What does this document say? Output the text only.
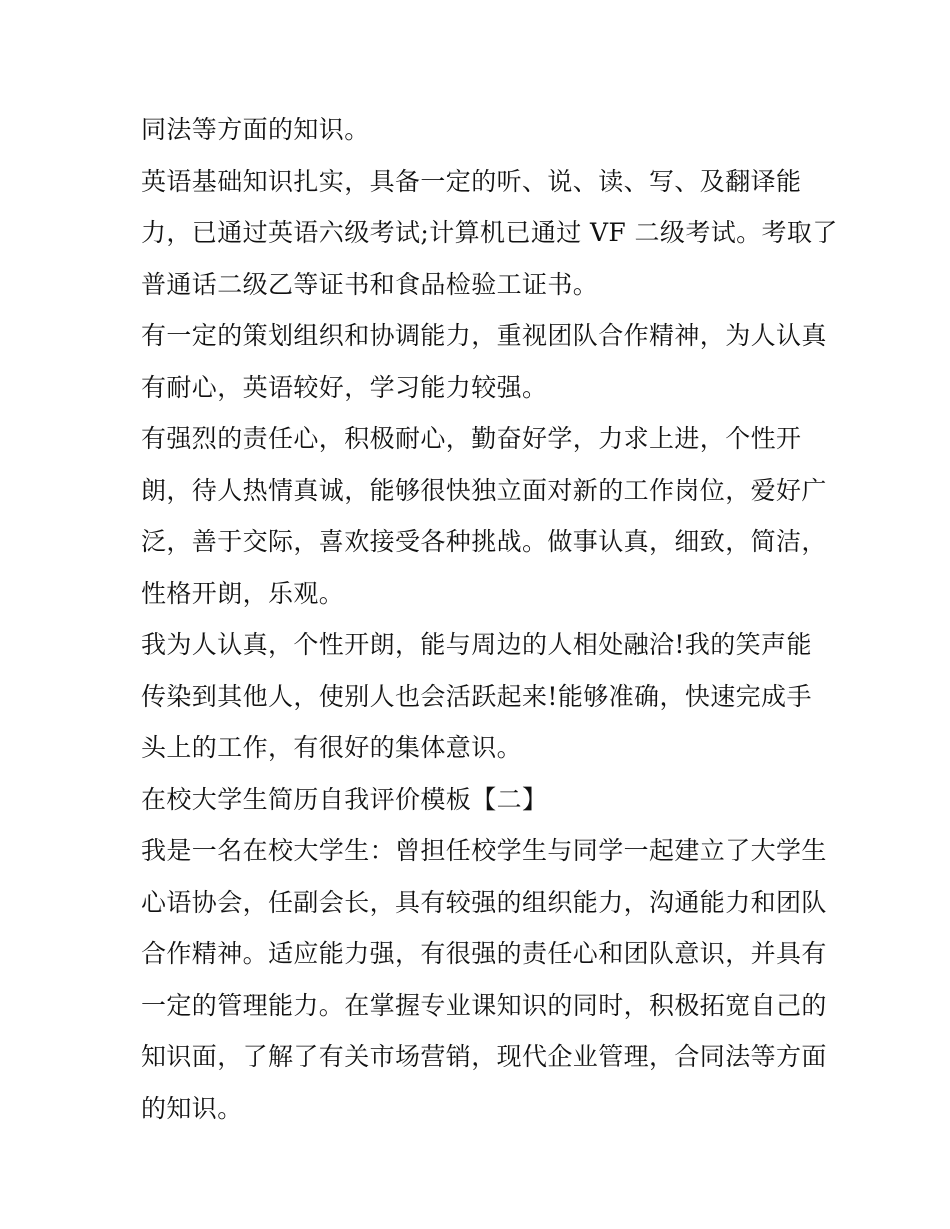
同法等方面的知识。
英语基础知识扎实，具备一定的听、说、读、写、及翻译能
力，已通过英语六级考试;计算机已通过 VF 二级考试。考取了
普通话二级乙等证书和食品检验工证书。
有一定的策划组织和协调能力，重视团队合作精神，为人认真
有耐心，英语较好，学习能力较强。
有强烈的责任心，积极耐心，勤奋好学，力求上进，个性开
朗，待人热情真诚，能够很快独立面对新的工作岗位，爱好广
泛，善于交际，喜欢接受各种挑战。做事认真，细致，简洁，
性格开朗，乐观。
我为人认真，个性开朗，能与周边的人相处融洽!我的笑声能
传染到其他人，使别人也会活跃起来!能够准确，快速完成手
头上的工作，有很好的集体意识。
在校大学生简历自我评价模板【二】
我是一名在校大学生：曾担任校学生与同学一起建立了大学生
心语协会，任副会长，具有较强的组织能力，沟通能力和团队
合作精神。适应能力强，有很强的责任心和团队意识，并具有
一定的管理能力。在掌握专业课知识的同时，积极拓宽自己的
知识面，了解了有关市场营销，现代企业管理，合同法等方面
的知识。
